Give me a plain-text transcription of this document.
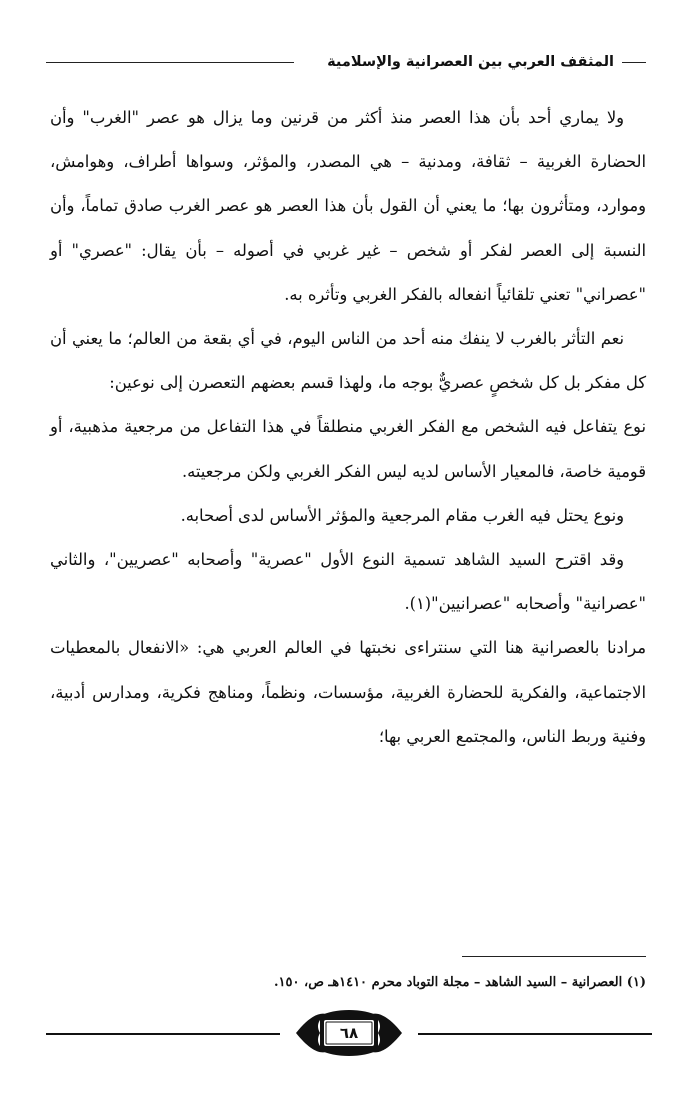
المثقف العربي بين العصرانية والإسلامية

ولا يماري أحد بأن هذا العصر منذ أكثر من قرنين وما يزال هو عصر "الغرب" وأن الحضارة الغربية – ثقافة، ومدنية – هي المصدر، والمؤثر، وسواها أطراف، وهوامش، وموارد، ومتأثرون بها؛ ما يعني أن القول بأن هذا العصر هو عصر الغرب صادق تماماً، وأن النسبة إلى العصر لفكر أو شخص – غير غربي في أصوله – بأن يقال: "عصري" أو "عصراني" تعني تلقائياً انفعاله بالفكر الغربي وتأثره به.

نعم التأثر بالغرب لا ينفك منه أحد من الناس اليوم، في أي بقعة من العالم؛ ما يعني أن كل مفكر بل كل شخصٍ عصريٌّ بوجه ما، ولهذا قسم بعضهم التعصرن إلى نوعين:

نوع يتفاعل فيه الشخص مع الفكر الغربي منطلقاً في هذا التفاعل من مرجعية مذهبية، أو قومية خاصة، فالمعيار الأساس لديه ليس الفكر الغربي ولكن مرجعيته.

ونوع يحتل فيه الغرب مقام المرجعية والمؤثر الأساس لدى أصحابه.

وقد اقترح السيد الشاهد تسمية النوع الأول "عصرية" وأصحابه "عصريين"، والثاني "عصرانية" وأصحابه "عصرانيين"(١).

مرادنا بالعصرانية هنا التي سنتراءى نخبتها في العالم العربي هي: «الانفعال بالمعطيات الاجتماعية، والفكرية للحضارة الغربية، مؤسسات، ونظماً، ومناهج فكرية، ومدارس أدبية، وفنية وربط الناس، والمجتمع العربي بها؛

(١) العصرانية – السيد الشاهد – مجلة التوباد محرم ١٤١٠هـ ص، ١٥٠.
٦٨
